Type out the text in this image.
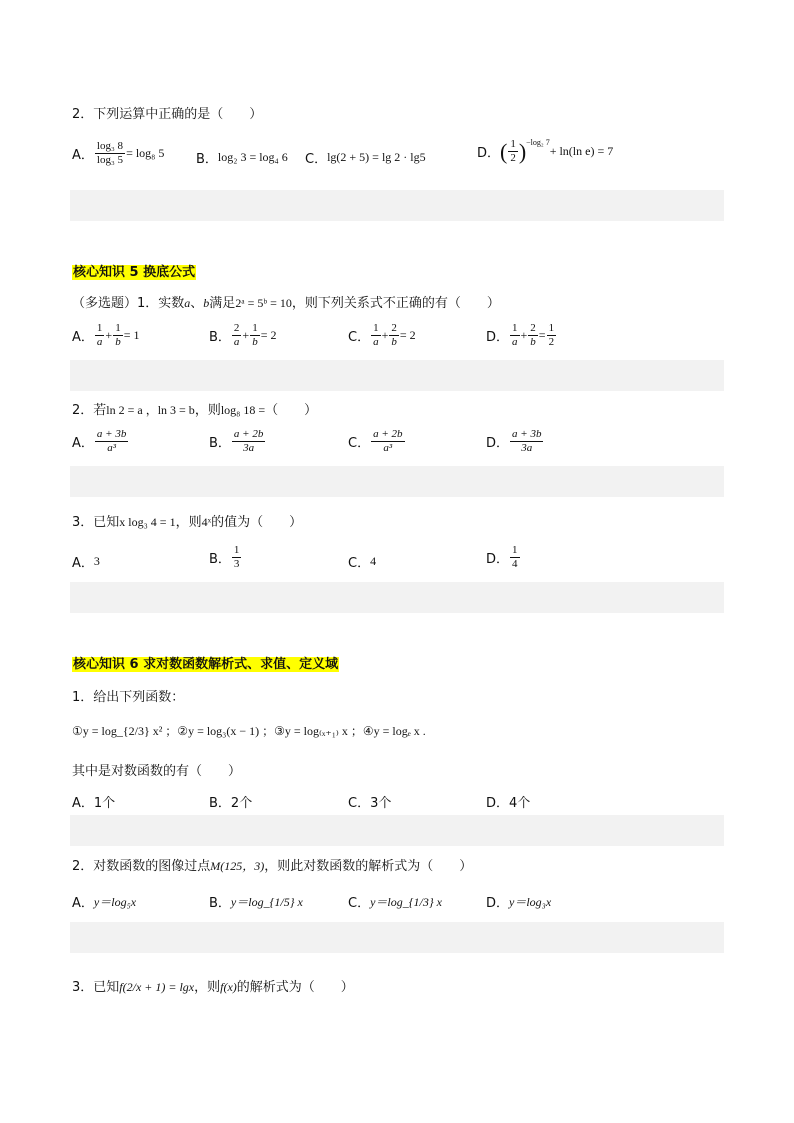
2．下列运算中正确的是（　　）
A． $\frac{\text{log₃ 8}}{\text{log₃ 5}} = \log_8$ 5 B． log₂ 3 = log₄ 6 C． lg(2 + 5) = lg 2 · lg5	D． ( $\frac{1}{2}$ ) −log₂ 7
+ ln(ln e) = 7
核心知识 5 换底公式
（多选题）1．实数a、b满足2ᵃ = 5ᵇ = 10，则下列关系式不正确的有（　　）
A． $\frac{1}{a} + \frac{1}{b} = 1$	B． $\frac{2}{a} + \frac{1}{b} = 2$	C． $\frac{1}{a} + \frac{2}{b} = 2$	D． $\frac{1}{a} + \frac{2}{b} = \frac{1}{2}$
2．若ln 2 = a ，ln 3 = b，则log₈ 18 =（　　）
A． $\frac{a + 3b}{\text{a³}}$	B． $\frac{a + 2b}{3a}$	C． $\frac{a + 2b}{\text{a³}}$	D． $\frac{a + 3b}{3a}$
3．已知x log₃ 4 = 1，则4ˣ的值为（　　）
A． 3	B． $\frac{1}{3}$	C． 4	D． $\frac{1}{4}$
核心知识 6 求对数函数解析式、求值、定义域
1．给出下列函数：
①y = log_{2/3} x² ；②y = log₃(x − 1) ；③y = log₍ₓ₊₁₎ x ；④y = logₑ x .
其中是对数函数的有（　　）
A．1个	B．2个	C．3个	D．4个
2．对数函数的图像过点M(125，3)，则此对数函数的解析式为（　　）
A． y＝log₅x	B． y＝log_{1/5} x	C． y＝log_{1/3} x	D． y＝log₃x
3．已知f(2/x + 1) = lgx，则f(x)的解析式为（　　）
